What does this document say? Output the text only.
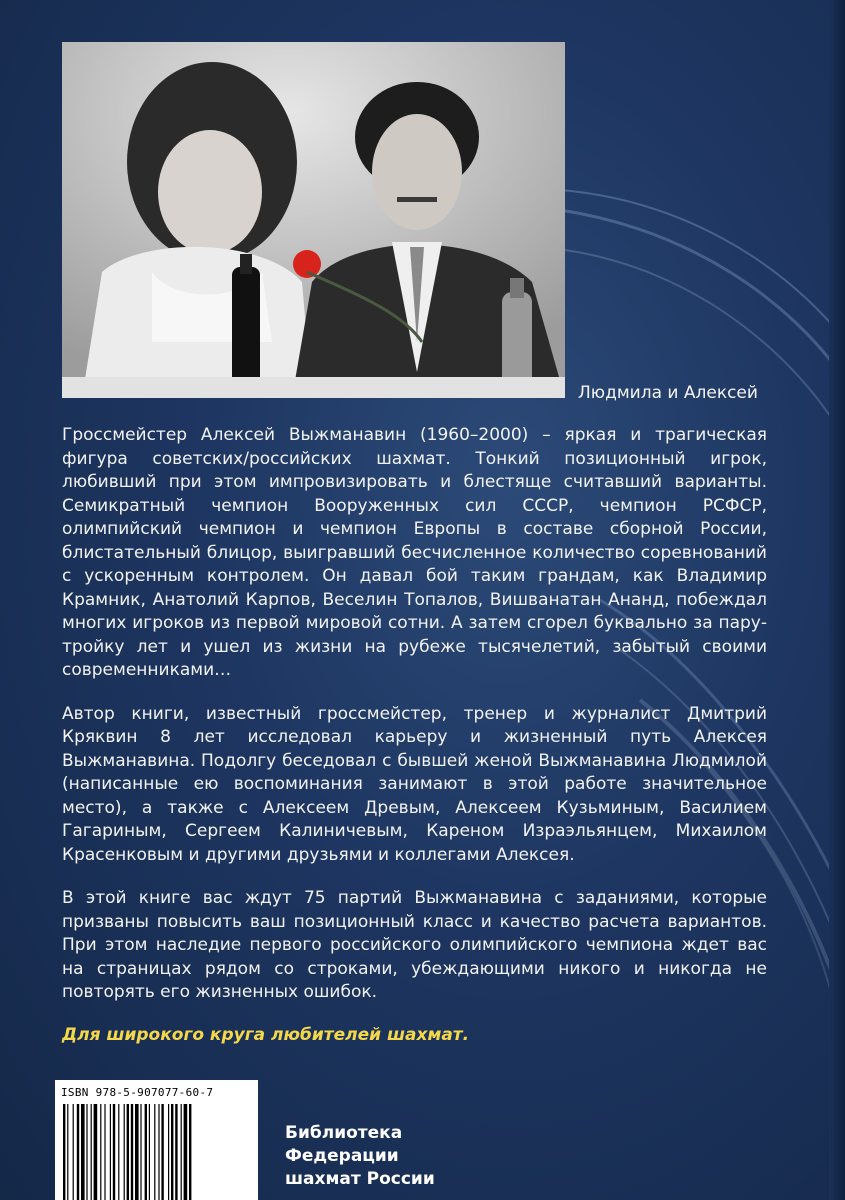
Людмила и Алексей

Гроссмейстер Алексей Выжманавин (1960–2000) – яркая и трагическая фигура советских/российских шахмат. Тонкий позиционный игрок, любивший при этом импровизировать и блестяще считавший варианты. Семикратный чемпион Вооруженных сил СССР, чемпион РСФСР, олимпийский чемпион и чемпион Европы в составе сборной России, блистательный блицор, выигравший бесчисленное количество соревнований с ускоренным контролем. Он давал бой таким грандам, как Владимир Крамник, Анатолий Карпов, Веселин Топалов, Вишванатан Ананд, побеждал многих игроков из первой мировой сотни. А затем сгорел буквально за пару-тройку лет и ушел из жизни на рубеже тысячелетий, забытый своими современниками…

Автор книги, известный гроссмейстер, тренер и журналист Дмитрий Кряквин 8 лет исследовал карьеру и жизненный путь Алексея Выжманавина. Подолгу беседовал с бывшей женой Выжманавина Людмилой (написанные ею воспоминания занимают в этой работе значительное место), а также с Алексеем Древым, Алексеем Кузьминым, Василием Гагариным, Сергеем Калиничевым, Кареном Израэльянцем, Михаилом Красенковым и другими друзьями и коллегами Алексея.

В этой книге вас ждут 75 партий Выжманавина с заданиями, которые призваны повысить ваш позиционный класс и качество расчета вариантов. При этом наследие первого российского олимпийского чемпиона ждет вас на страницах рядом со строками, убеждающими никого и никогда не повторять его жизненных ошибок.

Для широкого круга любителей шахмат.
ISBN 978-5-907077-60-7
Библиотека
Федерации
шахмат России
